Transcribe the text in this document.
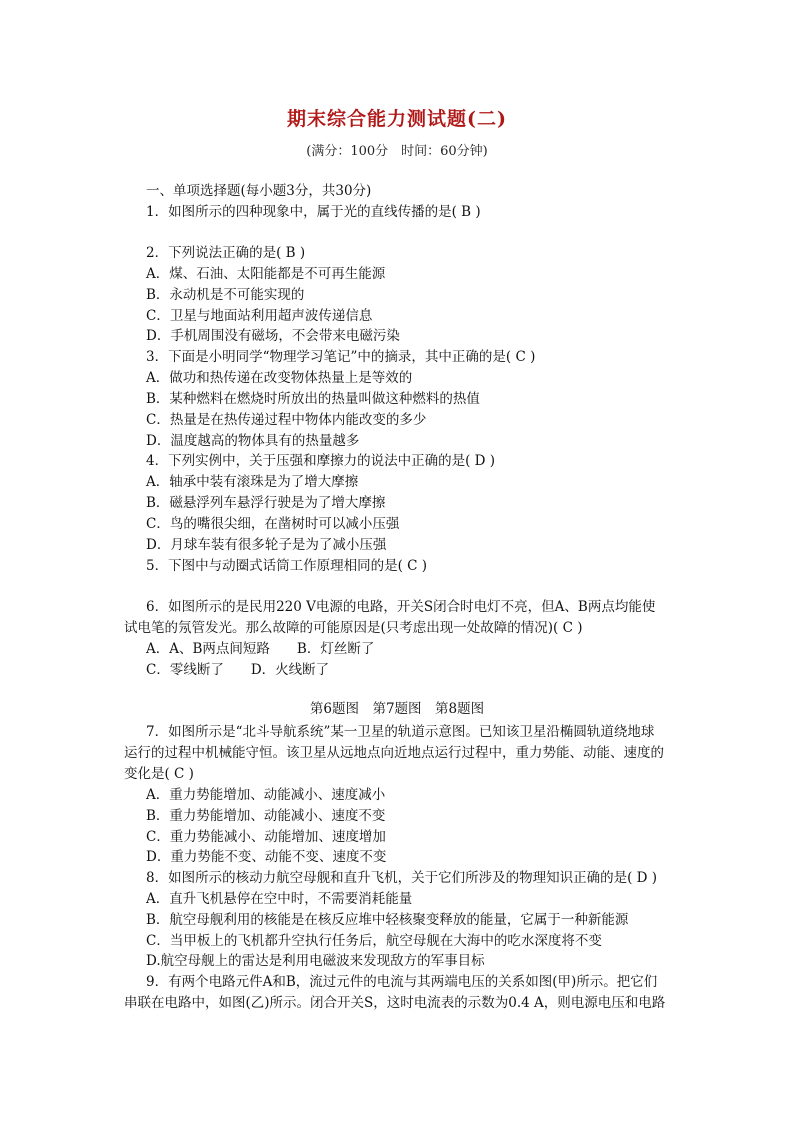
期末综合能力测试题(二)
(满分：100分　时间：60分钟)
一、单项选择题(每小题3分，共30分)
1．如图所示的四种现象中，属于光的直线传播的是( B )
2．下列说法正确的是( B )
A．煤、石油、太阳能都是不可再生能源
B．永动机是不可能实现的
C．卫星与地面站利用超声波传递信息
D．手机周围没有磁场，不会带来电磁污染
3．下面是小明同学“物理学习笔记”中的摘录，其中正确的是( C )
A．做功和热传递在改变物体热量上是等效的
B．某种燃料在燃烧时所放出的热量叫做这种燃料的热值
C．热量是在热传递过程中物体内能改变的多少
D．温度越高的物体具有的热量越多
4．下列实例中，关于压强和摩擦力的说法中正确的是( D )
A．轴承中装有滚珠是为了增大摩擦
B．磁悬浮列车悬浮行驶是为了增大摩擦
C．鸟的嘴很尖细，在凿树时可以减小压强
D．月球车装有很多轮子是为了减小压强
5．下图中与动圈式话筒工作原理相同的是( C )
6．如图所示的是民用220 V电源的电路，开关S闭合时电灯不亮，但A、B两点均能使
试电笔的氖管发光。那么故障的可能原因是(只考虑出现一处故障的情况)( C )
A．A、B两点间短路　　B．灯丝断了
C．零线断了　　D．火线断了
第6题图　第7题图　第8题图
7．如图所示是“北斗导航系统”某一卫星的轨道示意图。已知该卫星沿椭圆轨道绕地球
运行的过程中机械能守恒。该卫星从远地点向近地点运行过程中，重力势能、动能、速度的
变化是( C )
A．重力势能增加、动能减小、速度减小
B．重力势能增加、动能减小、速度不变
C．重力势能减小、动能增加、速度增加
D．重力势能不变、动能不变、速度不变
8．如图所示的核动力航空母舰和直升飞机，关于它们所涉及的物理知识正确的是( D )
A．直升飞机悬停在空中时，不需要消耗能量
B．航空母舰利用的核能是在核反应堆中轻核聚变释放的能量，它属于一种新能源
C．当甲板上的飞机都升空执行任务后，航空母舰在大海中的吃水深度将不变
D.航空母舰上的雷达是利用电磁波来发现敌方的军事目标
9．有两个电路元件A和B，流过元件的电流与其两端电压的关系如图(甲)所示。把它们
串联在电路中，如图(乙)所示。闭合开关S，这时电流表的示数为0.4 A，则电源电压和电路
